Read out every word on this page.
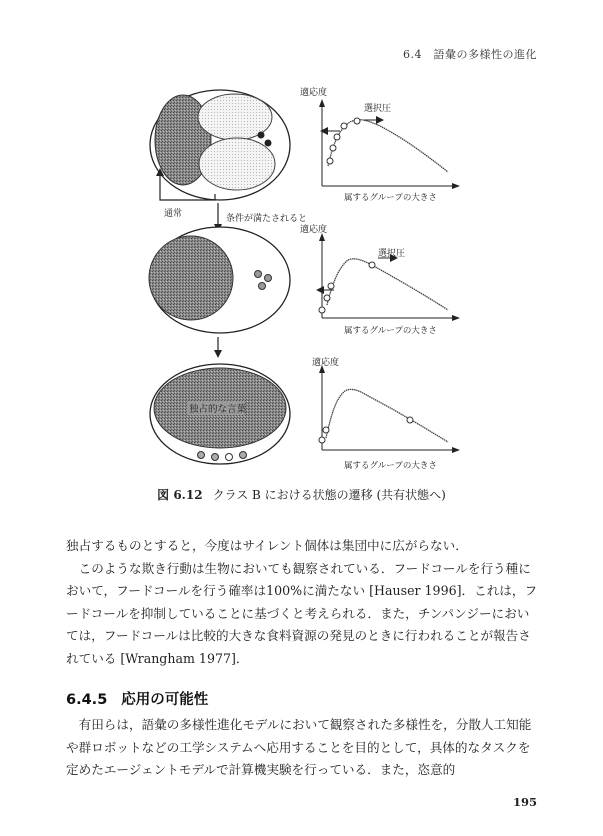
6.4　語彙の多様性の進化
通常	条件が満たされると
適応度
選択圧
属するグループの大きさ
適応度
選択圧
属するグループの大きさ
独占的な言葉
適応度
属するグループの大きさ
図 6.12 クラス B における状態の遷移 (共有状態へ)

独占するものとすると，今度はサイレント個体は集団中に広がらない．

このような欺き行動は生物においても観察されている．フードコールを行う種において，フードコールを行う確率は100%に満たない [Hauser 1996]．これは，フードコールを抑制していることに基づくと考えられる．また，チンパンジーにおいては，フードコールは比較的大きな食料資源の発見のときに行われることが報告されている [Wrangham 1977]．

6.4.5 応用の可能性

有田らは，語彙の多様性進化モデルにおいて観察された多様性を，分散人工知能や群ロボットなどの工学システムへ応用することを目的として，具体的なタスクを定めたエージェントモデルで計算機実験を行っている．また，恣意的

195
